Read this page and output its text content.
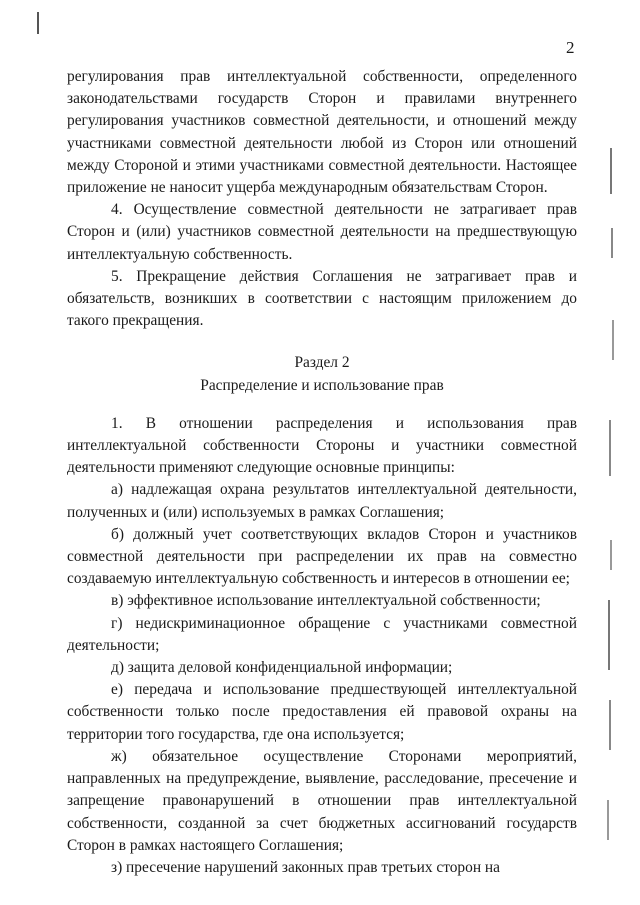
2

регулирования прав интеллектуальной собственности, определенного законодательствами государств Сторон и правилами внутреннего регулирования участников совместной деятельности, и отношений между участниками совместной деятельности любой из Сторон или отношений между Стороной и этими участниками совместной деятельности. Настоящее приложение не наносит ущерба международным обязательствам Сторон.

4. Осуществление совместной деятельности не затрагивает прав Сторон и (или) участников совместной деятельности на предшествующую интеллектуальную собственность.

5. Прекращение действия Соглашения не затрагивает прав и обязательств, возникших в соответствии с настоящим приложением до такого прекращения.

Раздел 2

Распределение и использование прав

1. В отношении распределения и использования прав интеллектуальной собственности Стороны и участники совместной деятельности применяют следующие основные принципы:

а) надлежащая охрана результатов интеллектуальной деятельности, полученных и (или) используемых в рамках Соглашения;

б) должный учет соответствующих вкладов Сторон и участников совместной деятельности при распределении их прав на совместно создаваемую интеллектуальную собственность и интересов в отношении ее;

в) эффективное использование интеллектуальной собственности;

г) недискриминационное обращение с участниками совместной деятельности;

д) защита деловой конфиденциальной информации;

е) передача и использование предшествующей интеллектуальной собственности только после предоставления ей правовой охраны на территории того государства, где она используется;

ж) обязательное осуществление Сторонами мероприятий, направленных на предупреждение, выявление, расследование, пресечение и запрещение правонарушений в отношении прав интеллектуальной собственности, созданной за счет бюджетных ассигнований государств Сторон в рамках настоящего Соглашения;

з) пресечение нарушений законных прав третьих сторон на
